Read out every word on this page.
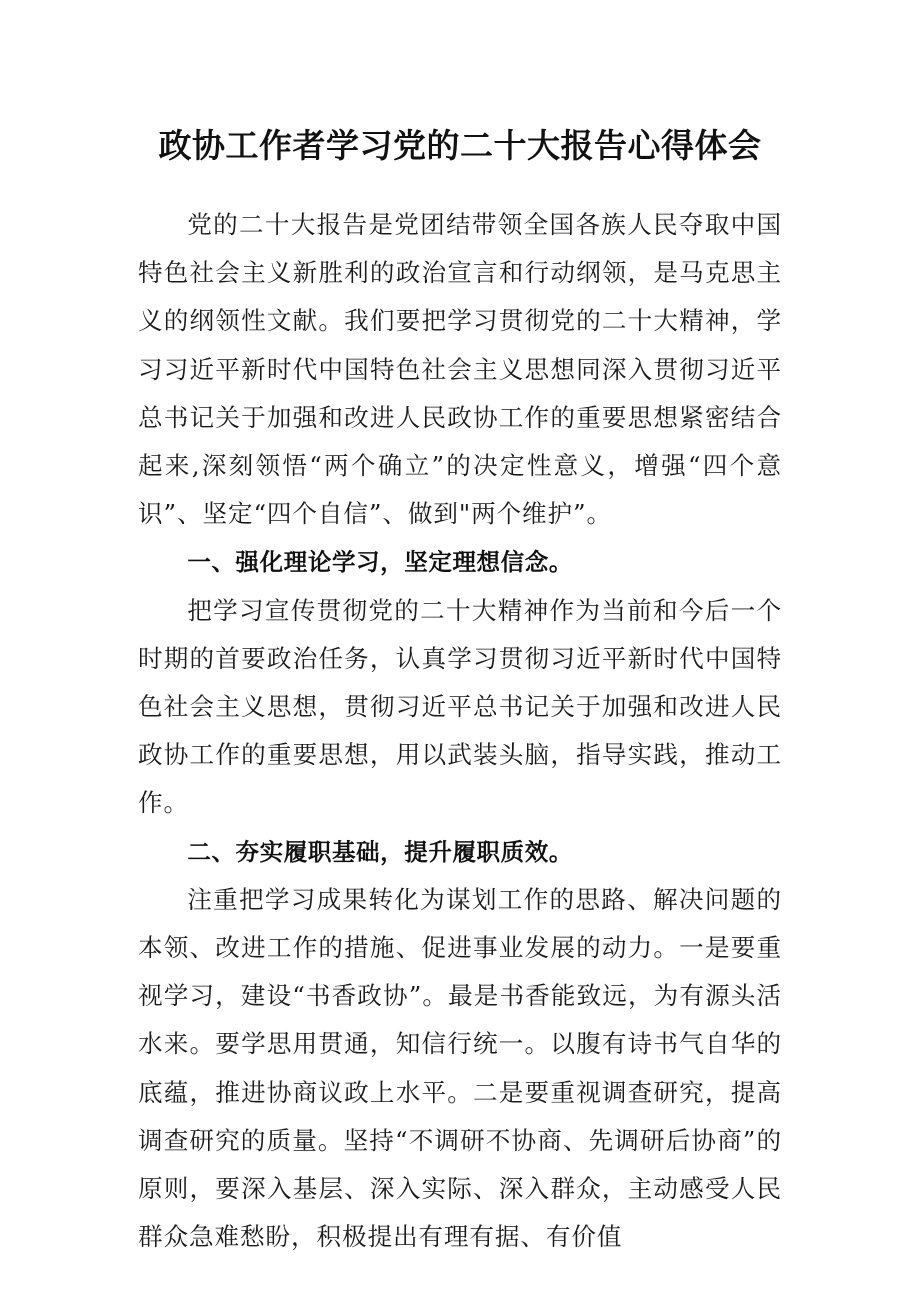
政协工作者学习党的二十大报告心得体会

党的二十大报告是党团结带领全国各族人民夺取中国特色社会主义新胜利的政治宣言和行动纲领，是马克思主义的纲领性文献。我们要把学习贯彻党的二十大精神，学习习近平新时代中国特色社会主义思想同深入贯彻习近平总书记关于加强和改进人民政协工作的重要思想紧密结合起来,深刻领悟“两个确立”的决定性意义，增强“四个意识”、坚定“四个自信”、做到"两个维护”。

一、强化理论学习，坚定理想信念。

把学习宣传贯彻党的二十大精神作为当前和今后一个时期的首要政治任务，认真学习贯彻习近平新时代中国特色社会主义思想，贯彻习近平总书记关于加强和改进人民政协工作的重要思想，用以武装头脑，指导实践，推动工作。

二、夯实履职基础，提升履职质效。

注重把学习成果转化为谋划工作的思路、解决问题的本领、改进工作的措施、促进事业发展的动力。一是要重视学习，建设“书香政协”。最是书香能致远，为有源头活水来。要学思用贯通，知信行统一。以腹有诗书气自华的底蕴，推进协商议政上水平。二是要重视调查研究，提高调查研究的质量。坚持“不调研不协商、先调研后协商”的原则，要深入基层、深入实际、深入群众，主动感受人民群众急难愁盼，积极提出有理有据、有价值
